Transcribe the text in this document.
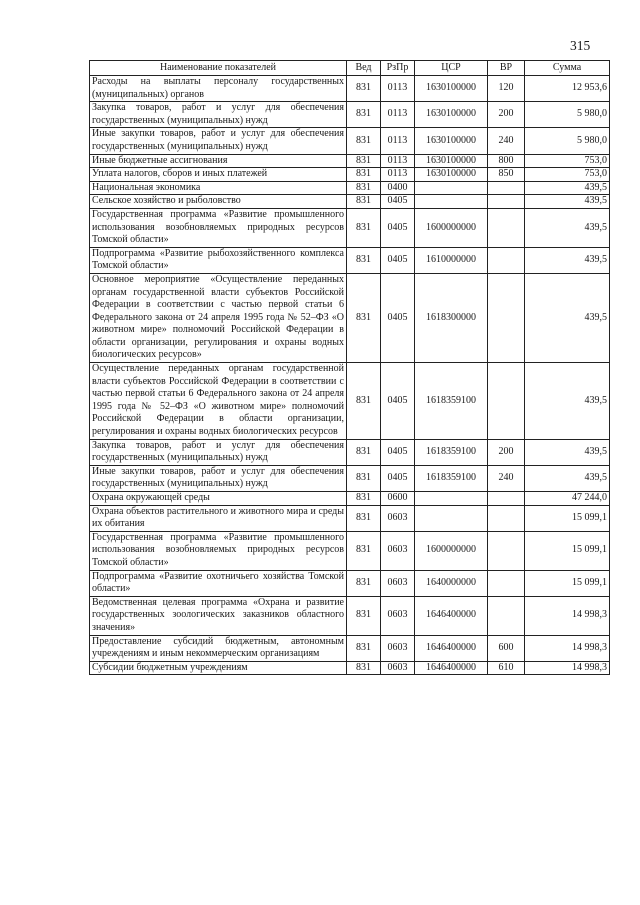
315
Наименование показателей	Вед	РзПр	ЦСР	ВР	Сумма
Расходы на выплаты персоналу государственных (муниципальных) органов	831	0113	1630100000	120	12 953,6
Закупка товаров, работ и услуг для обеспечения государственных (муниципальных) нужд	831	0113	1630100000	200	5 980,0
Иные закупки товаров, работ и услуг для обеспечения государственных (муниципальных) нужд	831	0113	1630100000	240	5 980,0
Иные бюджетные ассигнования	831	0113	1630100000	800	753,0
Уплата налогов, сборов и иных платежей	831	0113	1630100000	850	753,0
Национальная экономика	831	0400			439,5
Сельское хозяйство и рыболовство	831	0405			439,5
Государственная программа «Развитие промышленного использования возобновляемых природных ресурсов Томской области»	831	0405	1600000000		439,5
Подпрограмма «Развитие рыбохозяйственного комплекса Томской области»	831	0405	1610000000		439,5
Основное мероприятие «Осуществление переданных органам государственной власти субъектов Российской Федерации в соответствии с частью первой статьи 6 Федерального закона от 24 апреля 1995 года № 52–ФЗ «О животном мире» полномочий Российской Федерации в области организации, регулирования и охраны водных биологических ресурсов»	831	0405	1618300000		439,5
Осуществление переданных органам государственной власти субъектов Российской Федерации в соответствии с частью первой статьи 6 Федерального закона от 24 апреля 1995 года № 52–ФЗ «О животном мире» полномочий Российской Федерации в области организации, регулирования и охраны водных биологических ресурсов	831	0405	1618359100		439,5
Закупка товаров, работ и услуг для обеспечения государственных (муниципальных) нужд	831	0405	1618359100	200	439,5
Иные закупки товаров, работ и услуг для обеспечения государственных (муниципальных) нужд	831	0405	1618359100	240	439,5
Охрана окружающей среды	831	0600			47 244,0
Охрана объектов растительного и животного мира и среды их обитания	831	0603			15 099,1
Государственная программа «Развитие промышленного использования возобновляемых природных ресурсов Томской области»	831	0603	1600000000		15 099,1
Подпрограмма «Развитие охотничьего хозяйства Томской области»	831	0603	1640000000		15 099,1
Ведомственная целевая программа «Охрана и развитие государственных зоологических заказников областного значения»	831	0603	1646400000		14 998,3
Предоставление субсидий бюджетным, автономным учреждениям и иным некоммерческим организациям	831	0603	1646400000	600	14 998,3
Субсидии бюджетным учреждениям	831	0603	1646400000	610	14 998,3
